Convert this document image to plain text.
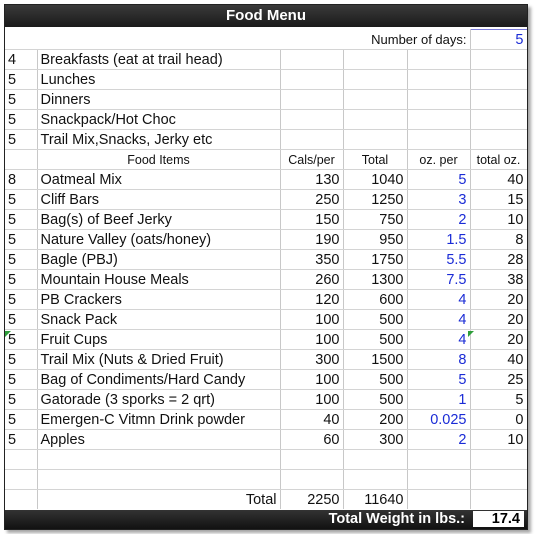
Food Menu
Number of days:					5
4	Breakfasts (eat at trail head)				
5	Lunches				
5	Dinners				
5	Snackpack/Hot Choc				
5	Trail Mix,Snacks, Jerky etc				
	Food Items	Cals/per	Total	oz. per	total oz.
8	Oatmeal Mix	130	1040	5	40
5	Cliff Bars	250	1250	3	15
5	Bag(s) of Beef Jerky	150	750	2	10
5	Nature Valley (oats/honey)	190	950	1.5	8
5	Bagle (PBJ)	350	1750	5.5	28
5	Mountain House Meals	260	1300	7.5	38
5	PB Crackers	120	600	4	20
5	Snack Pack	100	500	4	20
5	Fruit Cups	100	500	4	20
5	Trail Mix (Nuts & Dried Fruit)	300	1500	8	40
5	Bag of Condiments/Hard Candy	100	500	5	25
5	Gatorade (3 sporks = 2 qrt)	100	500	1	5
5	Emergen-C Vitmn Drink powder	40	200	0.025	0
5	Apples	60	300	2	10

	Total	2250	11640		
Total Weight in lbs.:	17.4
